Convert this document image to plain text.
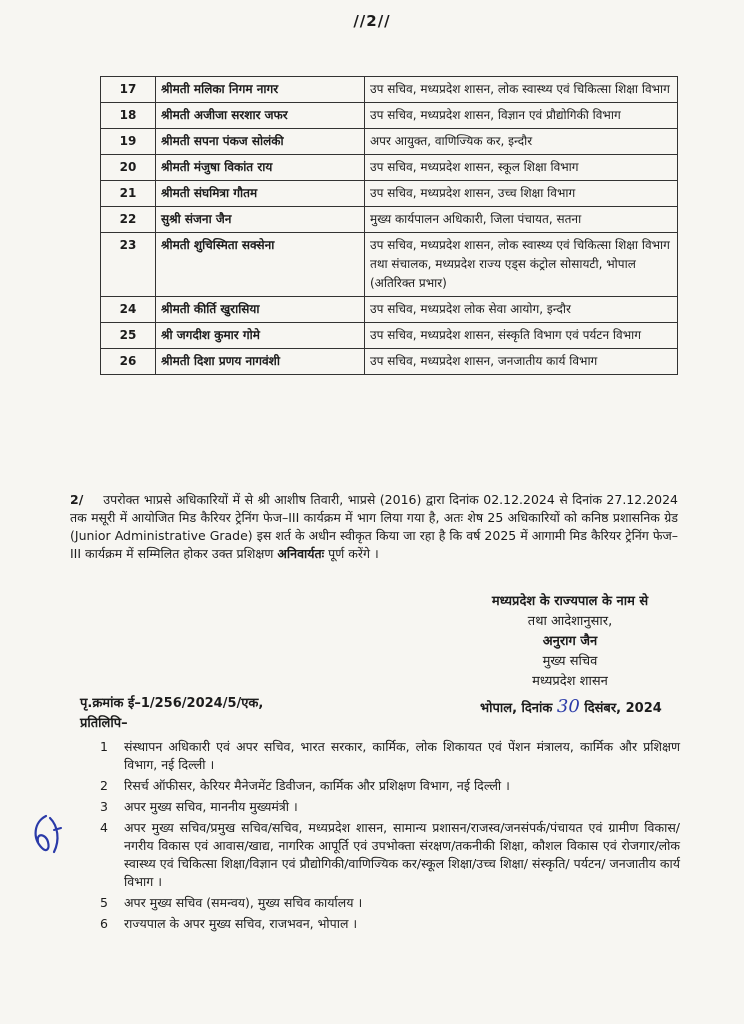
//2//
17	श्रीमती मलिका निगम नागर	उप सचिव, मध्यप्रदेश शासन, लोक स्वास्थ्य एवं चिकित्सा शिक्षा विभाग
18	श्रीमती अजीजा सरशार जफर	उप सचिव, मध्यप्रदेश शासन, विज्ञान एवं प्रौद्योगिकी विभाग
19	श्रीमती सपना पंकज सोलंकी	अपर आयुक्त, वाणिज्यिक कर, इन्दौर
20	श्रीमती मंजुषा विकांत राय	उप सचिव, मध्यप्रदेश शासन, स्कूल शिक्षा विभाग
21	श्रीमती संघमित्रा गौतम	उप सचिव, मध्यप्रदेश शासन, उच्च शिक्षा विभाग
22	सुश्री संजना जैन	मुख्य कार्यपालन अधिकारी, जिला पंचायत, सतना
23	श्रीमती शुचिस्मिता सक्सेना	उप सचिव, मध्यप्रदेश शासन, लोक स्वास्थ्य एवं चिकित्सा शिक्षा विभाग तथा संचालक, मध्यप्रदेश राज्य एड्स कंट्रोल सोसायटी, भोपाल (अतिरिक्त प्रभार)
24	श्रीमती कीर्ति खुरासिया	उप सचिव, मध्यप्रदेश लोक सेवा आयोग, इन्दौर
25	श्री जगदीश कुमार गोमे	उप सचिव, मध्यप्रदेश शासन, संस्कृति विभाग एवं पर्यटन विभाग
26	श्रीमती दिशा प्रणय नागवंशी	उप सचिव, मध्यप्रदेश शासन, जनजातीय कार्य विभाग
2/ उपरोक्त भाप्रसे अधिकारियों में से श्री आशीष तिवारी, भाप्रसे (2016) द्वारा दिनांक 02.12.2024 से दिनांक 27.12.2024 तक मसूरी में आयोजित मिड कैरियर ट्रेनिंग फेज–III कार्यक्रम में भाग लिया गया है, अतः शेष 25 अधिकारियों को कनिष्ठ प्रशासनिक ग्रेड (Junior Administrative Grade) इस शर्त के अधीन स्वीकृत किया जा रहा है कि वर्ष 2025 में आगामी मिड कैरियर ट्रेनिंग फेज–III कार्यक्रम में सम्मिलित होकर उक्त प्रशिक्षण अनिवार्यतः पूर्ण करेंगे ।
मध्यप्रदेश के राज्यपाल के नाम से
तथा आदेशानुसार,
अनुराग जैन
मुख्य सचिव
मध्यप्रदेश शासन
पृ.क्रमांक ई–1/256/2024/5/एक,
प्रतिलिपि–
भोपाल, दिनांक 30 दिसंबर, 2024
1 संस्थापन अधिकारी एवं अपर सचिव, भारत सरकार, कार्मिक, लोक शिकायत एवं पेंशन मंत्रालय, कार्मिक और प्रशिक्षण विभाग, नई दिल्ली ।
2 रिसर्च ऑफीसर, केरियर मैनेजमेंट डिवीजन, कार्मिक और प्रशिक्षण विभाग, नई दिल्ली ।
3 अपर मुख्य सचिव, माननीय मुख्यमंत्री ।
4 अपर मुख्य सचिव/प्रमुख सचिव/सचिव, मध्यप्रदेश शासन, सामान्य प्रशासन/राजस्व/जनसंपर्क/पंचायत एवं ग्रामीण विकास/नगरीय विकास एवं आवास/खाद्य, नागरिक आपूर्ति एवं उपभोक्ता संरक्षण/तकनीकी शिक्षा, कौशल विकास एवं रोजगार/लोक स्वास्थ्य एवं चिकित्सा शिक्षा/विज्ञान एवं प्रौद्योगिकी/वाणिज्यिक कर/स्कूल शिक्षा/उच्च शिक्षा/ संस्कृति/ पर्यटन/ जनजातीय कार्य विभाग ।
5 अपर मुख्य सचिव (समन्वय), मुख्य सचिव कार्यालय ।
6 राज्यपाल के अपर मुख्य सचिव, राजभवन, भोपाल ।
